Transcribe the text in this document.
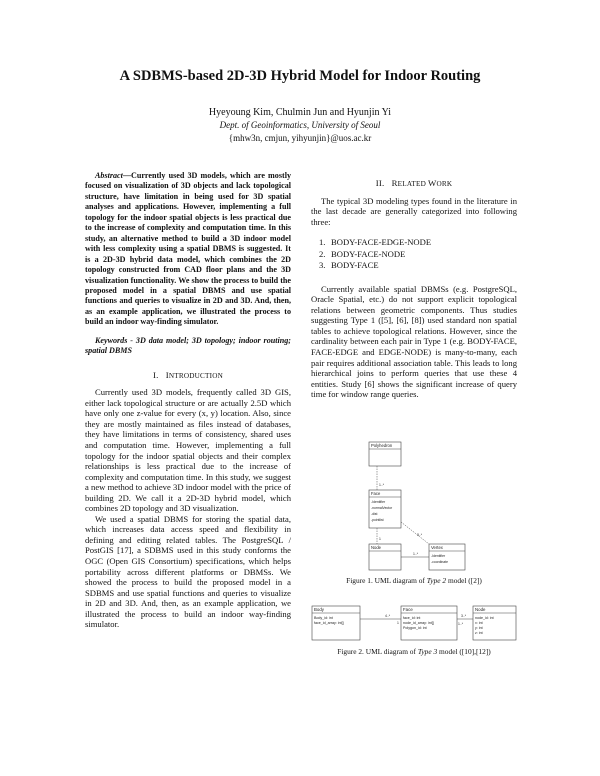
A SDBMS-based 2D-3D Hybrid Model for Indoor Routing
Hyeyoung Kim, Chulmin Jun and Hyunjin Yi
Dept. of Geoinformatics, University of Seoul
{mhw3n, cmjun, yihyunjin}@uos.ac.kr
Abstract—Currently used 3D models, which are mostly focused on visualization of 3D objects and lack topological structure, have limitation in being used for 3D spatial analyses and applications. However, implementing a full topology for the indoor spatial objects is less practical due to the increase of complexity and computation time. In this study, an alternative method to build a 3D indoor model with less complexity using a spatial DBMS is suggested. It is a 2D-3D hybrid data model, which combines the 2D topology constructed from CAD floor plans and the 3D visualization functionality. We show the process to build the proposed model in a spatial DBMS and use spatial functions and queries to visualize in 2D and 3D. And, then, as an example application, we illustrated the process to build an indoor way-finding simulator.
Keywords - 3D data model; 3D topology; indoor routing; spatial DBMS
I. INTRODUCTION

Currently used 3D models, frequently called 3D GIS, either lack topological structure or are actually 2.5D which have only one z-value for every (x, y) location. Also, since they are mostly maintained as files instead of databases, they have limitations in terms of consistency, shared uses and computation time. However, implementing a full topology for the indoor spatial objects and their complex relationships is less practical due to the increase of complexity and computation time. In this study, we suggest a new method to achieve 3D indoor model with the price of building 2D. We call it a 2D-3D hybrid model, which combines 2D topology and 3D visualization.

We used a spatial DBMS for storing the spatial data, which increases data access speed and flexibility in defining and editing related tables. The PostgreSQL / PostGIS [17], a SDBMS used in this study conforms the OGC (Open GIS Consortium) specifications, which helps portability across different platforms or DBMSs. We showed the process to build the proposed model in a SDBMS and use spatial functions and queries to visualize in 2D and 3D. And, then, as an example application, we illustrated the process to build an indoor way-finding simulator.

II. RELATED WORK

The typical 3D modeling types found in the literature in the last decade are generally categorized into following three:

1. BODY-FACE-EDGE-NODE
2. BODY-FACE-NODE
3. BODY-FACE

Currently available spatial DBMSs (e.g. PostgreSQL, Oracle Spatial, etc.) do not support explicit topological relations between geometric components. Thus studies suggesting Type 1 ([5], [6], [8]) used standard non spatial tables to achieve topological relations. However, since the cardinality between each pair in Type 1 (e.g. BODY-FACE, FACE-EDGE and EDGE-NODE) is many-to-many, each pair requires additional association table. This leads to long hierarchical joins to perform queries that use these 4 entities. Study [6] shows the significant increase of query time for window range queries.

Polyhedron
1..*
Face
-Identifier
-normalVector
-dist
-pointlist
1
3..*
Node
1..*
Vertex
-Identifier
-coordinate
Figure 1. UML diagram of Type 2 model ([2])
Body
Body_id: int
face_id_array: int[]
4..*
1
Face
face_id: int
node_id_array: int[]
Polygon_id: int
3..*
1..*
Node
node_id: int
x: int
y: int
z: int
Figure 2. UML diagram of Type 3 model ([10],[12])
